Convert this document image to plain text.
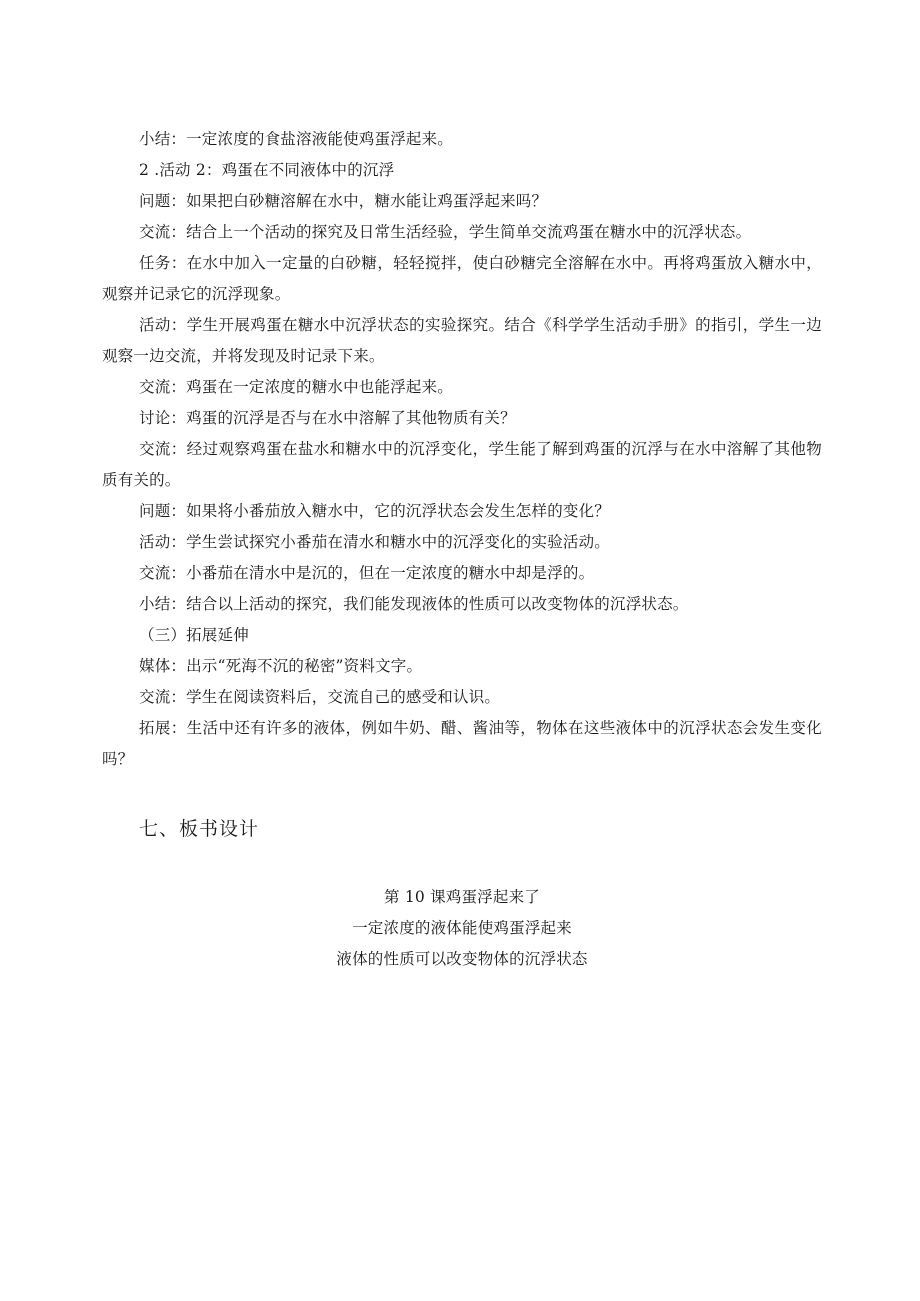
小结：一定浓度的食盐溶液能使鸡蛋浮起来。

2 .活动 2：鸡蛋在不同液体中的沉浮

问题：如果把白砂糖溶解在水中，糖水能让鸡蛋浮起来吗？

交流：结合上一个活动的探究及日常生活经验，学生简单交流鸡蛋在糖水中的沉浮状态。

任务：在水中加入一定量的白砂糖，轻轻搅拌，使白砂糖完全溶解在水中。再将鸡蛋放入糖水中，观察并记录它的沉浮现象。

活动：学生开展鸡蛋在糖水中沉浮状态的实验探究。结合《科学学生活动手册》的指引，学生一边观察一边交流，并将发现及时记录下来。

交流：鸡蛋在一定浓度的糖水中也能浮起来。

讨论：鸡蛋的沉浮是否与在水中溶解了其他物质有关？

交流：经过观察鸡蛋在盐水和糖水中的沉浮变化，学生能了解到鸡蛋的沉浮与在水中溶解了其他物质有关的。

问题：如果将小番茄放入糖水中，它的沉浮状态会发生怎样的变化？

活动：学生尝试探究小番茄在清水和糖水中的沉浮变化的实验活动。

交流：小番茄在清水中是沉的，但在一定浓度的糖水中却是浮的。

小结：结合以上活动的探究，我们能发现液体的性质可以改变物体的沉浮状态。

（三）拓展延伸

媒体：出示“死海不沉的秘密”资料文字。

交流：学生在阅读资料后，交流自己的感受和认识。

拓展：生活中还有许多的液体，例如牛奶、醋、酱油等，物体在这些液体中的沉浮状态会发生变化吗？

七、板书设计
第 10 课鸡蛋浮起来了
一定浓度的液体能使鸡蛋浮起来
液体的性质可以改变物体的沉浮状态
